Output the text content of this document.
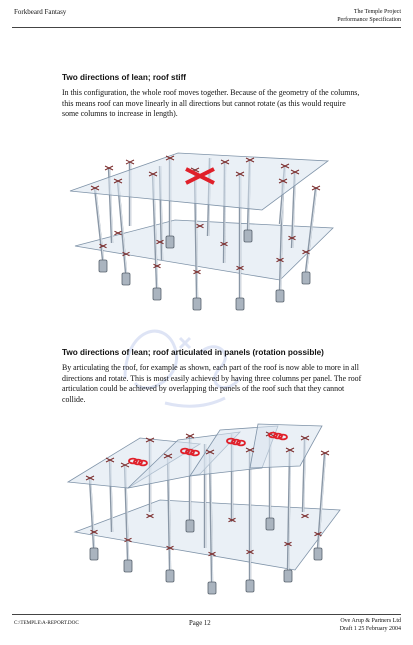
Forkbeard Fantasy	The Temple Project
Performance Specification
Two directions of lean; roof stiff
In this configuration, the whole roof moves together. Because of the geometry of the columns, this means roof can move linearly in all directions but cannot rotate (as this would require some columns to increase in length).
Two directions of lean; roof articulated in panels (rotation possible)
By articulating the roof, for example as shown, each part of the roof is now able to more in all directions and rotate. This is most easily achieved by having three columns per panel. The roof articulation could be achieved by overlapping the panels of the roof such that they cannot collide.
C:\TEMPLE\A-REPORT.DOC	Page 12	Ove Arup & Partners Ltd
Draft 1 25 February 2004
